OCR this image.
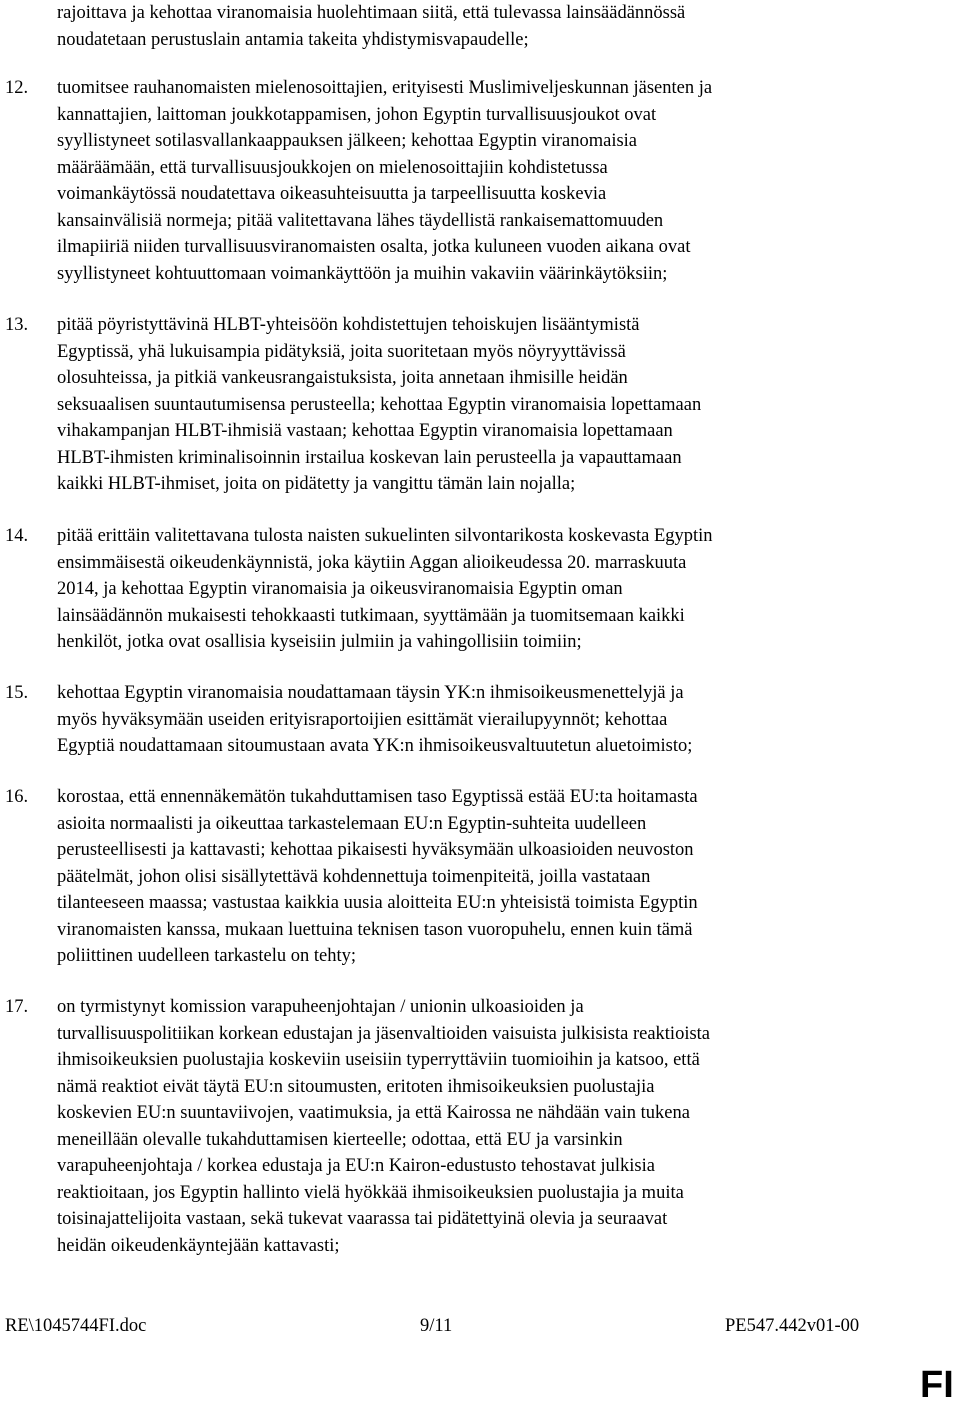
rajoittava ja kehottaa viranomaisia huolehtimaan siitä, että tulevassa lainsäädännössä
noudatetaan perustuslain antamia takeita yhdistymisvapaudelle;
12. tuomitsee rauhanomaisten mielenosoittajien, erityisesti Muslimiveljeskunnan jäsenten ja
kannattajien, laittoman joukkotappamisen, johon Egyptin turvallisuusjoukot ovat
syyllistyneet sotilasvallankaappauksen jälkeen; kehottaa Egyptin viranomaisia
määräämään, että turvallisuusjoukkojen on mielenosoittajiin kohdistetussa
voimankäytössä noudatettava oikeasuhteisuutta ja tarpeellisuutta koskevia
kansainvälisiä normeja; pitää valitettavana lähes täydellistä rankaisemattomuuden
ilmapiiriä niiden turvallisuusviranomaisten osalta, jotka kuluneen vuoden aikana ovat
syyllistyneet kohtuuttomaan voimankäyttöön ja muihin vakaviin väärinkäytöksiin;
13. pitää pöyristyttävinä HLBT-yhteisöön kohdistettujen tehoiskujen lisääntymistä
Egyptissä, yhä lukuisampia pidätyksiä, joita suoritetaan myös nöyryyttävissä
olosuhteissa, ja pitkiä vankeusrangaistuksista, joita annetaan ihmisille heidän
seksuaalisen suuntautumisensa perusteella; kehottaa Egyptin viranomaisia lopettamaan
vihakampanjan HLBT-ihmisiä vastaan; kehottaa Egyptin viranomaisia lopettamaan
HLBT-ihmisten kriminalisoinnin irstailua koskevan lain perusteella ja vapauttamaan
kaikki HLBT-ihmiset, joita on pidätetty ja vangittu tämän lain nojalla;
14. pitää erittäin valitettavana tulosta naisten sukuelinten silvontarikosta koskevasta Egyptin
ensimmäisestä oikeudenkäynnistä, joka käytiin Aggan alioikeudessa 20. marraskuuta
2014, ja kehottaa Egyptin viranomaisia ja oikeusviranomaisia Egyptin oman
lainsäädännön mukaisesti tehokkaasti tutkimaan, syyttämään ja tuomitsemaan kaikki
henkilöt, jotka ovat osallisia kyseisiin julmiin ja vahingollisiin toimiin;
15. kehottaa Egyptin viranomaisia noudattamaan täysin YK:n ihmisoikeusmenettelyjä ja
myös hyväksymään useiden erityisraportoijien esittämät vierailupyynnöt; kehottaa
Egyptiä noudattamaan sitoumustaan avata YK:n ihmisoikeusvaltuutetun aluetoimisto;
16. korostaa, että ennennäkemätön tukahduttamisen taso Egyptissä estää EU:ta hoitamasta
asioita normaalisti ja oikeuttaa tarkastelemaan EU:n Egyptin-suhteita uudelleen
perusteellisesti ja kattavasti; kehottaa pikaisesti hyväksymään ulkoasioiden neuvoston
päätelmät, johon olisi sisällytettävä kohdennettuja toimenpiteitä, joilla vastataan
tilanteeseen maassa; vastustaa kaikkia uusia aloitteita EU:n yhteisistä toimista Egyptin
viranomaisten kanssa, mukaan luettuina teknisen tason vuoropuhelu, ennen kuin tämä
poliittinen uudelleen tarkastelu on tehty;
17. on tyrmistynyt komission varapuheenjohtajan / unionin ulkoasioiden ja
turvallisuuspolitiikan korkean edustajan ja jäsenvaltioiden vaisuista julkisista reaktioista
ihmisoikeuksien puolustajia koskeviin useisiin typerryttäviin tuomioihin ja katsoo, että
nämä reaktiot eivät täytä EU:n sitoumusten, eritoten ihmisoikeuksien puolustajia
koskevien EU:n suuntaviivojen, vaatimuksia, ja että Kairossa ne nähdään vain tukena
meneillään olevalle tukahduttamisen kierteelle; odottaa, että EU ja varsinkin
varapuheenjohtaja / korkea edustaja ja EU:n Kairon-edustusto tehostavat julkisia
reaktioitaan, jos Egyptin hallinto vielä hyökkää ihmisoikeuksien puolustajia ja muita
toisinajattelijoita vastaan, sekä tukevat vaarassa tai pidätettyinä olevia ja seuraavat
heidän oikeudenkäyntejään kattavasti;
RE\1045744FI.doc	9/11	PE547.442v01-00
FI
